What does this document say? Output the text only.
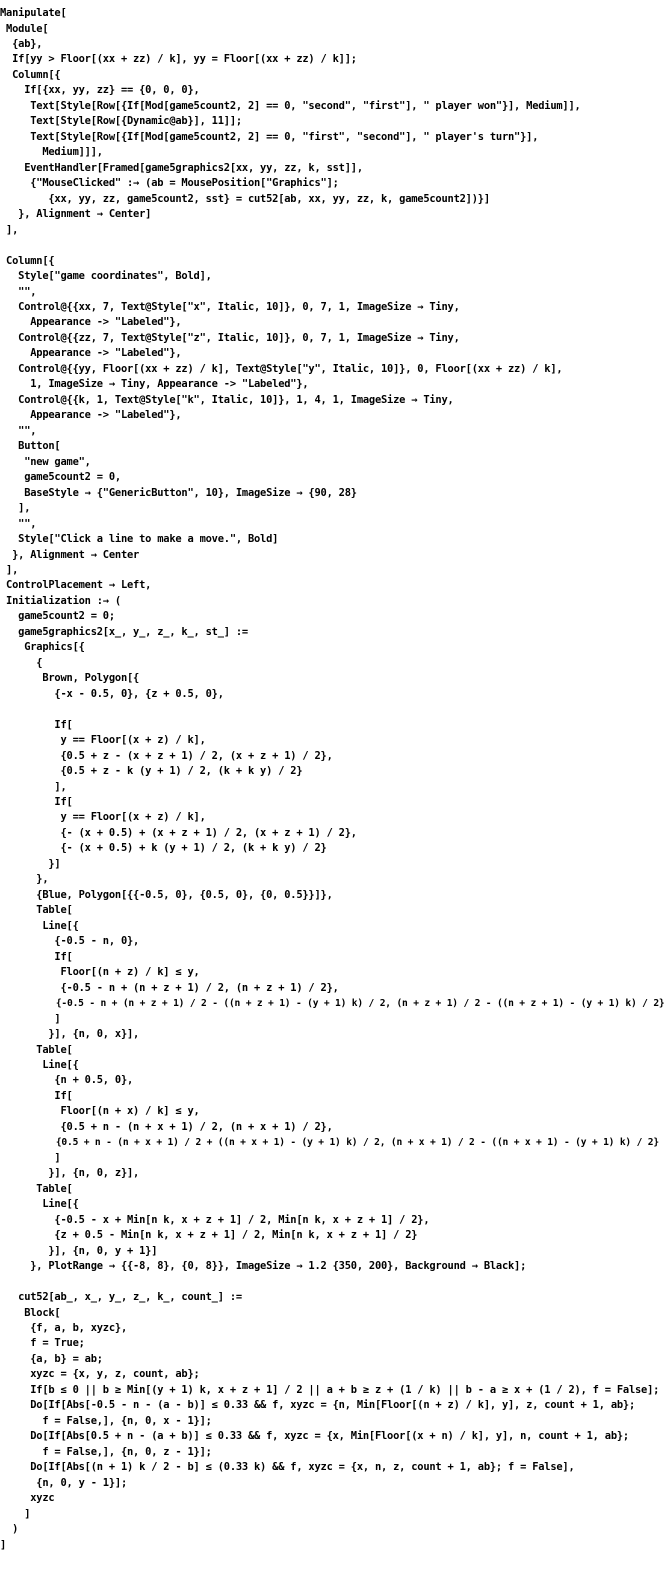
Manipulate[
Module[
{ab},
If[yy > Floor[(xx + zz) / k], yy = Floor[(xx + zz) / k]];
Column[{
If[{xx, yy, zz} == {0, 0, 0},
Text[Style[Row[{If[Mod[game5count2, 2] == 0, "second", "first"], " player won"}], Medium]],
Text[Style[Row[{Dynamic@ab}], 11]];
Text[Style[Row[{If[Mod[game5count2, 2] == 0, "first", "second"], " player's turn"}],
Medium]]],
EventHandler[Framed[game5graphics2[xx, yy, zz, k, sst]],
{"MouseClicked" :→ (ab = MousePosition["Graphics"];
{xx, yy, zz, game5count2, sst} = cut52[ab, xx, yy, zz, k, game5count2])}]
}, Alignment → Center]
],
Column[{
Style["game coordinates", Bold],
"",
Control@{{xx, 7, Text@Style["x", Italic, 10]}, 0, 7, 1, ImageSize → Tiny,
Appearance -> "Labeled"},
Control@{{zz, 7, Text@Style["z", Italic, 10]}, 0, 7, 1, ImageSize → Tiny,
Appearance -> "Labeled"},
Control@{{yy, Floor[(xx + zz) / k], Text@Style["y", Italic, 10]}, 0, Floor[(xx + zz) / k],
1, ImageSize → Tiny, Appearance -> "Labeled"},
Control@{{k, 1, Text@Style["k", Italic, 10]}, 1, 4, 1, ImageSize → Tiny,
Appearance -> "Labeled"},
"",
Button[
"new game",
game5count2 = 0,
BaseStyle → {"GenericButton", 10}, ImageSize → {90, 28}
],
"",
Style["Click a line to make a move.", Bold]
}, Alignment → Center
],
ControlPlacement → Left,
Initialization :→ (
game5count2 = 0;
game5graphics2[x_, y_, z_, k_, st_] :=
Graphics[{
{
Brown, Polygon[{
{-x - 0.5, 0}, {z + 0.5, 0},
If[
y == Floor[(x + z) / k],
{0.5 + z - (x + z + 1) / 2, (x + z + 1) / 2},
{0.5 + z - k (y + 1) / 2, (k + k y) / 2}
],
If[
y == Floor[(x + z) / k],
{- (x + 0.5) + (x + z + 1) / 2, (x + z + 1) / 2},
{- (x + 0.5) + k (y + 1) / 2, (k + k y) / 2}
}]
},
{Blue, Polygon[{{-0.5, 0}, {0.5, 0}, {0, 0.5}}]},
Table[
Line[{
{-0.5 - n, 0},
If[
Floor[(n + z) / k] ≤ y,
{-0.5 - n + (n + z + 1) / 2, (n + z + 1) / 2},
{-0.5 - n + (n + z + 1) / 2 - ((n + z + 1) - (y + 1) k) / 2, (n + z + 1) / 2 - ((n + z + 1) - (y + 1) k) / 2}
]
}], {n, 0, x}],
Table[
Line[{
{n + 0.5, 0},
If[
Floor[(n + x) / k] ≤ y,
{0.5 + n - (n + x + 1) / 2, (n + x + 1) / 2},
{0.5 + n - (n + x + 1) / 2 + ((n + x + 1) - (y + 1) k) / 2, (n + x + 1) / 2 - ((n + x + 1) - (y + 1) k) / 2}
]
}], {n, 0, z}],
Table[
Line[{
{-0.5 - x + Min[n k, x + z + 1] / 2, Min[n k, x + z + 1] / 2},
{z + 0.5 - Min[n k, x + z + 1] / 2, Min[n k, x + z + 1] / 2}
}], {n, 0, y + 1}]
}, PlotRange → {{-8, 8}, {0, 8}}, ImageSize → 1.2 {350, 200}, Background → Black];
cut52[ab_, x_, y_, z_, k_, count_] :=
Block[
{f, a, b, xyzc},
f = True;
{a, b} = ab;
xyzc = {x, y, z, count, ab};
If[b ≤ 0 || b ≥ Min[(y + 1) k, x + z + 1] / 2 || a + b ≥ z + (1 / k) || b - a ≥ x + (1 / 2), f = False];
Do[If[Abs[-0.5 - n - (a - b)] ≤ 0.33 && f, xyzc = {n, Min[Floor[(n + z) / k], y], z, count + 1, ab};
f = False,], {n, 0, x - 1}];
Do[If[Abs[0.5 + n - (a + b)] ≤ 0.33 && f, xyzc = {x, Min[Floor[(x + n) / k], y], n, count + 1, ab};
f = False,], {n, 0, z - 1}];
Do[If[Abs[(n + 1) k / 2 - b] ≤ (0.33 k) && f, xyzc = {x, n, z, count + 1, ab}; f = False],
{n, 0, y - 1}];
xyzc
]
)
]
